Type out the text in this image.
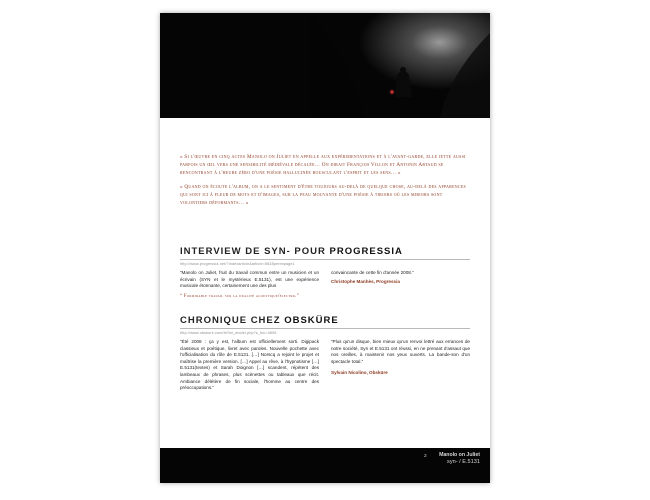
« Si l'œuvre en cinq actes Manolo on Juliet en appelle aux expérimentations et à l'avant-garde, elle jette aussi parfois un œil vers une sensibilité médiévale décalée… On dirait François Villon et Antonin Artaud se rencontrant à l'heure zéro d'une poésie hallucinée bousculant l'esprit et les sens… »

« Quand on écoute l'album, on a le sentiment d'être toujours au-delà de quelque chose, au-delà des apparences qui sont ici à fleur de mots et d'images, sur la peau mouvante d'une poésie à tiroirs où les miroirs sont volontiers déformants… »

INTERVIEW DE SYN- POUR PROGRESSIA
http://www.progressia.net/?indexarticle&atticle=5638perimpage1

“Manolo on Juliet, fruit du travail commun entre un musicien et un écrivain (SYN et le mystérieux E.5131), est une expérience musicale étonnante, certainement une des plus

“ Formidable travail sur la dualité acoustique/électro.”

convaincante de cette fin d'année 2008.”

Christophe Manhès, Progressia
CHRONIQUE CHEZ OBSKÜRE
http://www.obskure.com/fr/fini_model.php?s_bin=4605

“Été 2008 : ça y est, l'album est officiellement sorti. Digipack classieux et poétique, livret avec paroles. Nouvelle pochette avec l'officialisation du rôle de E.5131. […] Norscq a rejoint le projet et maîtrise la première version. […] Appel au rêve, à l'hypnotisme […] E.5131(textes) et Sarah Doignon […] scandent, répètent des lambeaux de phrases, plus scènettes ou tableaux que récit. Ambiance délétère de fin sociale, l'homme au centre des préoccupations.”

“Plus qu'un disque, bien mieux qu'un renvoi lettré aux errances de notre société, Syn et E.5131 ont réussi, en ne prenant d'assaut que nos oreilles, à maintenir nos yeux ouverts. La bande-son d'un spectacle total.”

Sylvain Nicolino, Obsküre
2 Manolo on Juliet
syn- / E.5131
